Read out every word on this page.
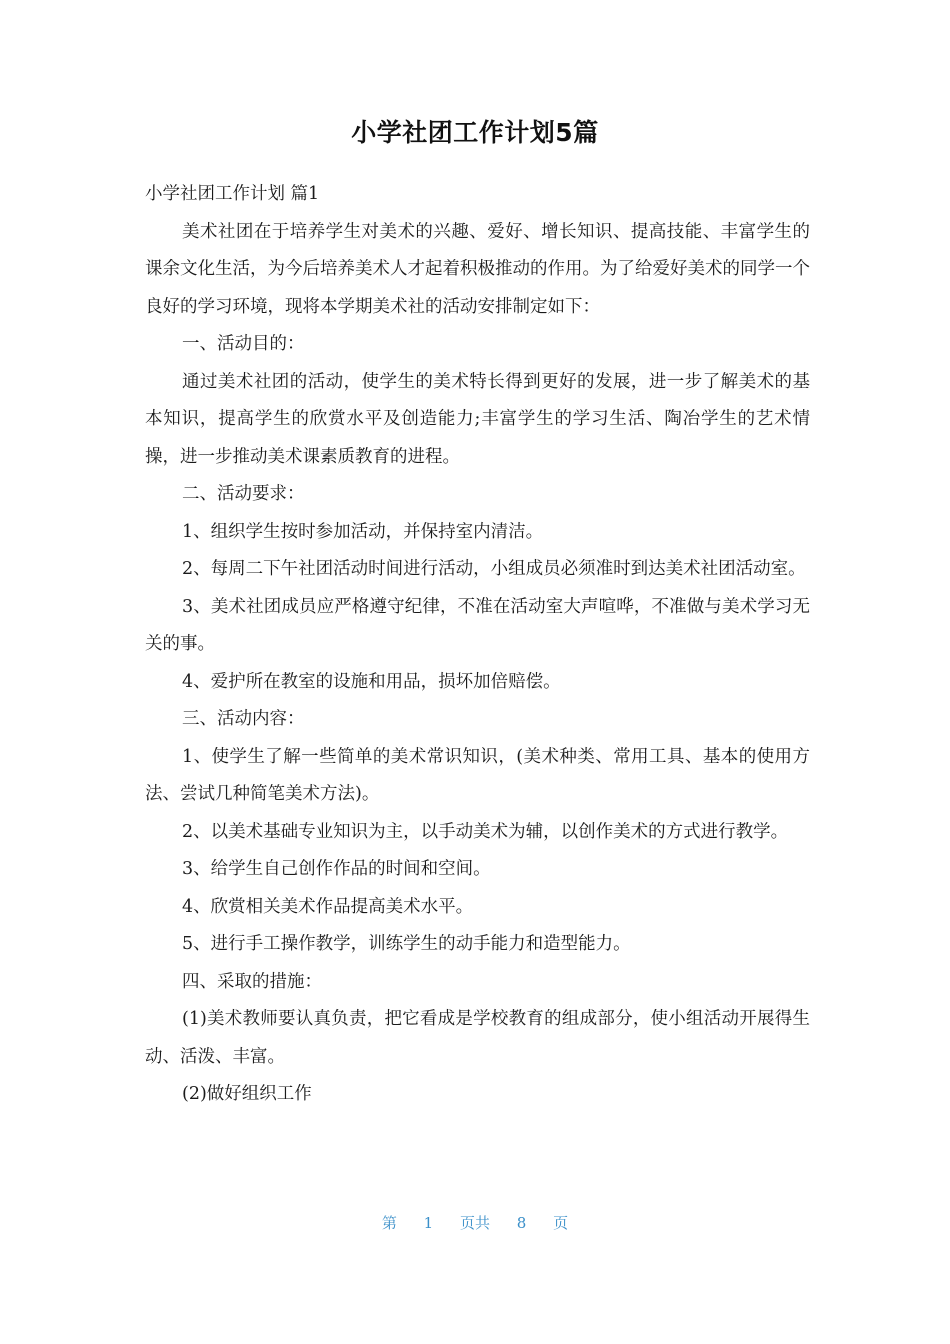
小学社团工作计划5篇

小学社团工作计划 篇1

美术社团在于培养学生对美术的兴趣、爱好、增长知识、提高技能、丰富学生的课余文化生活，为今后培养美术人才起着积极推动的作用。为了给爱好美术的同学一个良好的学习环境，现将本学期美术社的活动安排制定如下：

一、活动目的：

通过美术社团的活动，使学生的美术特长得到更好的发展，进一步了解美术的基本知识，提高学生的欣赏水平及创造能力;丰富学生的学习生活、陶冶学生的艺术情操，进一步推动美术课素质教育的进程。

二、活动要求：

1、组织学生按时参加活动，并保持室内清洁。

2、每周二下午社团活动时间进行活动，小组成员必须准时到达美术社团活动室。

3、美术社团成员应严格遵守纪律，不准在活动室大声喧哗，不准做与美术学习无关的事。

4、爱护所在教室的设施和用品，损坏加倍赔偿。

三、活动内容：

1、使学生了解一些简单的美术常识知识，(美术种类、常用工具、基本的使用方法、尝试几种简笔美术方法)。

2、以美术基础专业知识为主，以手动美术为辅，以创作美术的方式进行教学。

3、给学生自己创作作品的时间和空间。

4、欣赏相关美术作品提高美术水平。

5、进行手工操作教学，训练学生的动手能力和造型能力。

四、采取的措施：

(1)美术教师要认真负责，把它看成是学校教育的组成部分，使小组活动开展得生动、活泼、丰富。

(2)做好组织工作

第 1 页共 8 页
